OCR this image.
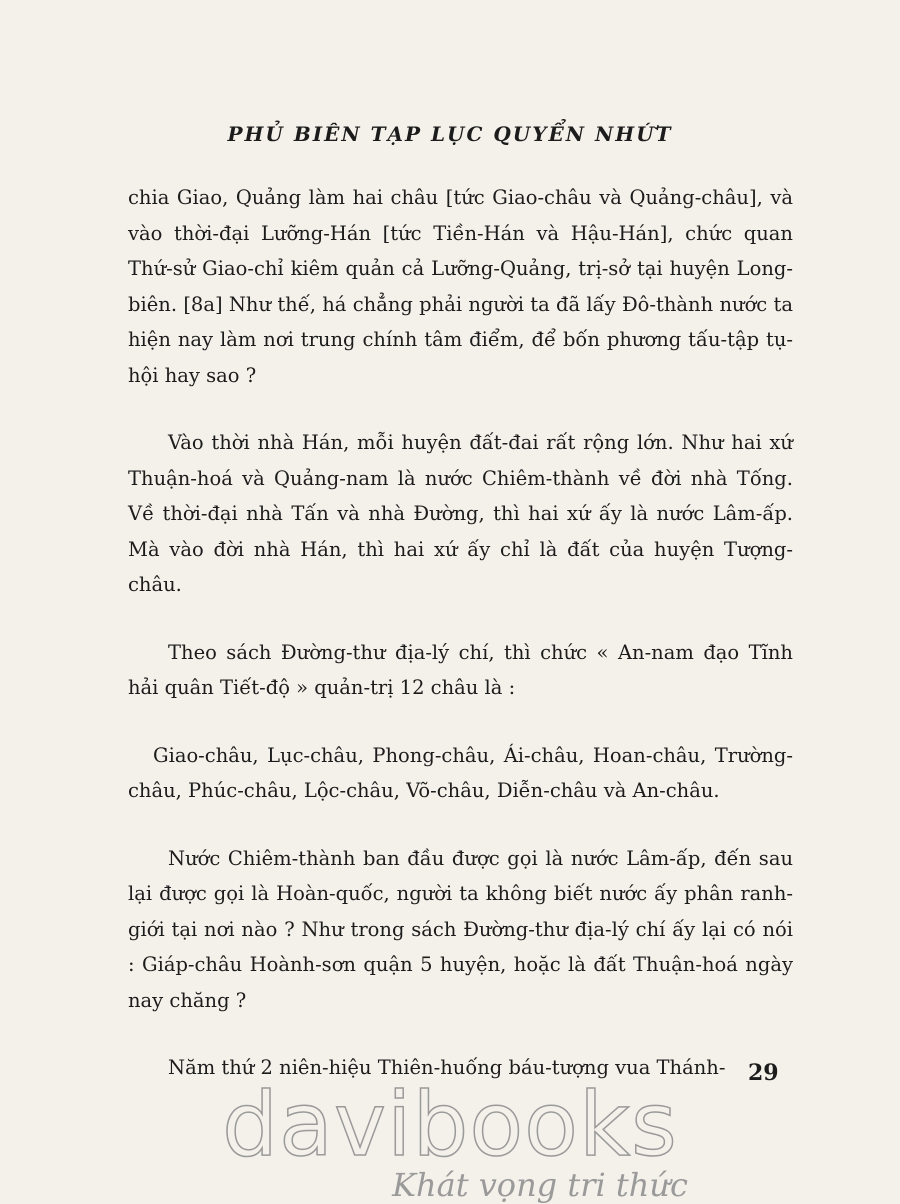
PHỦ BIÊN TẠP LỤC QUYỂN NHỨT

chia Giao, Quảng làm hai châu [tức Giao-châu và Quảng-châu], và vào thời-đại Lưỡng-Hán [tức Tiền-Hán và Hậu-Hán], chức quan Thứ-sử Giao-chỉ kiêm quản cả Lưỡng-Quảng, trị-sở tại huyện Long-biên. [8a] Như thế, há chẳng phải người ta đã lấy Đô-thành nước ta hiện nay làm nơi trung chính tâm điểm, để bốn phương tấu-tập tụ-hội hay sao ?

Vào thời nhà Hán, mỗi huyện đất-đai rất rộng lớn. Như hai xứ Thuận-hoá và Quảng-nam là nước Chiêm-thành về đời nhà Tống. Về thời-đại nhà Tấn và nhà Đường, thì hai xứ ấy là nước Lâm-ấp. Mà vào đời nhà Hán, thì hai xứ ấy chỉ là đất của huyện Tượng-châu.

Theo sách Đường-thư địa-lý chí, thì chức « An-nam đạo Tĩnh hải quân Tiết-độ » quản-trị 12 châu là :

Giao-châu, Lục-châu, Phong-châu, Ái-châu, Hoan-châu, Trường-châu, Phúc-châu, Lộc-châu, Võ-châu, Diễn-châu và An-châu.

Nước Chiêm-thành ban đầu được gọi là nước Lâm-ấp, đến sau lại được gọi là Hoàn-quốc, người ta không biết nước ấy phân ranh-giới tại nơi nào ? Như trong sách Đường-thư địa-lý chí ấy lại có nói : Giáp-châu Hoành-sơn quận 5 huyện, hoặc là đất Thuận-hoá ngày nay chăng ?

Năm thứ 2 niên-hiệu Thiên-huống báu-tượng vua Thánh-	29
davibooks
Khát vọng tri thức
